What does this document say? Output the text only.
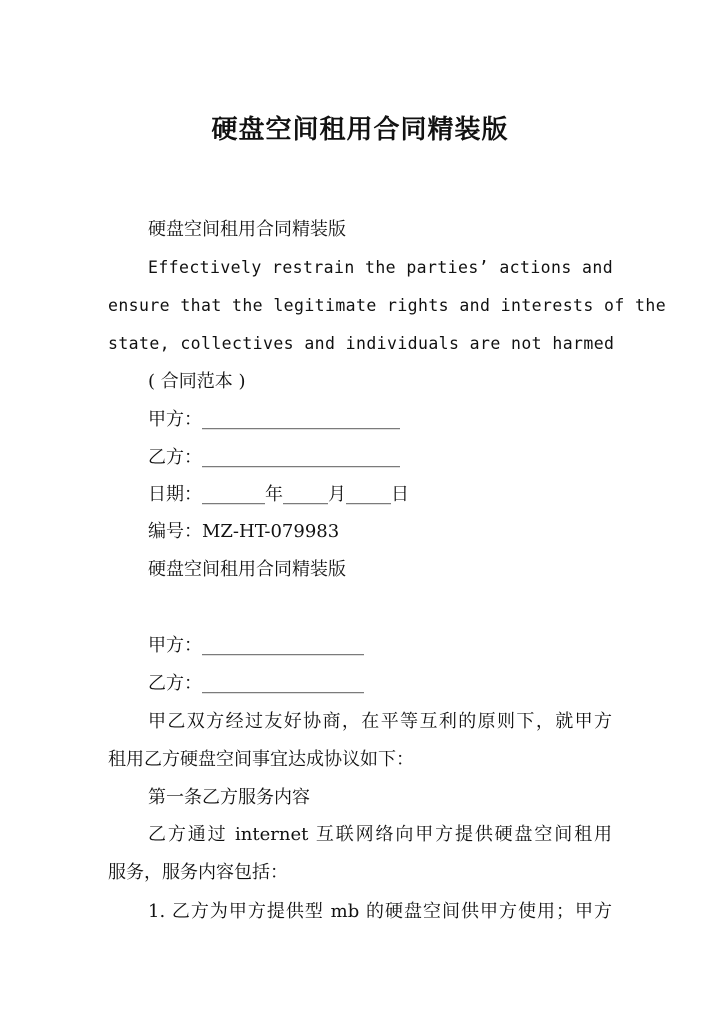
硬盘空间租用合同精装版
硬盘空间租用合同精装版
Effectively restrain the parties’ actions and
ensure that the legitimate rights and interests of the
state, collectives and individuals are not harmed
( 合同范本 )
甲方：______________________
乙方：______________________
日期：_______年_____月_____日
编号：MZ-HT-079983
硬盘空间租用合同精装版
甲方：__________________
乙方：__________________
甲乙双方经过友好协商，在平等互利的原则下，就甲方
租用乙方硬盘空间事宜达成协议如下：
第一条乙方服务内容
乙方通过 internet 互联网络向甲方提供硬盘空间租用
服务，服务内容包括：
1. 乙方为甲方提供型 mb 的硬盘空间供甲方使用；甲方
